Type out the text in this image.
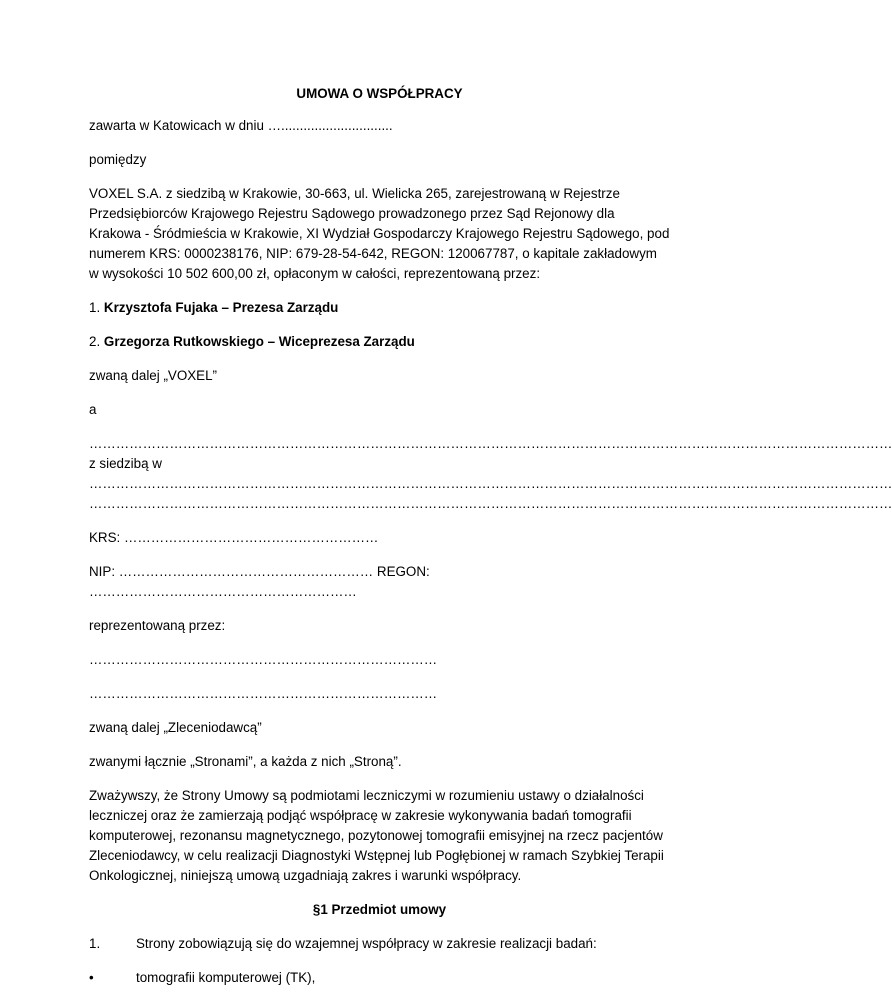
UMOWA O WSPÓŁPRACY

zawarta w Katowicach w dniu …..............................

pomiędzy

VOXEL S.A. z siedzibą w Krakowie, 30-663, ul. Wielicka 265, zarejestrowaną w Rejestrze Przedsiębiorców Krajowego Rejestru Sądowego prowadzonego przez Sąd Rejonowy dla Krakowa - Śródmieścia w Krakowie, XI Wydział Gospodarczy Krajowego Rejestru Sądowego, pod numerem KRS: 0000238176, NIP: 679-28-54-642, REGON: 120067787, o kapitale zakładowym w wysokości 10 502 600,00 zł, opłaconym w całości, reprezentowaną przez:

1. Krzysztofa Fujaka – Prezesa Zarządu

2. Grzegorza Rutkowskiego – Wiceprezesa Zarządu

zwaną dalej „VOXEL”

a

………………………………………………………………………………………………………………………………………………………………
z siedzibą w
………………………………………………………………………………………………………………………………………………………………
………………………………………………………………………………………………………………………………………………………………

KRS: …………………………………………………

NIP: ………………………………………………… REGON: ……………………………………………………

reprezentowaną przez:

……………………………………………………………………

……………………………………………………………………

zwaną dalej „Zleceniodawcą”

zwanymi łącznie „Stronami”, a każda z nich „Stroną”.

Zważywszy, że Strony Umowy są podmiotami leczniczymi w rozumieniu ustawy o działalności leczniczej oraz że zamierzają podjąć współpracę w zakresie wykonywania badań tomografii komputerowej, rezonansu magnetycznego, pozytonowej tomografii emisyjnej na rzecz pacjentów Zleceniodawcy, w celu realizacji Diagnostyki Wstępnej lub Pogłębionej w ramach Szybkiej Terapii Onkologicznej, niniejszą umową uzgadniają zakres i warunki współpracy.

§1 Przedmiot umowy
1.	Strony zobowiązują się do wzajemnej współpracy w zakresie realizacji badań:
•	tomografii komputerowej (TK),
